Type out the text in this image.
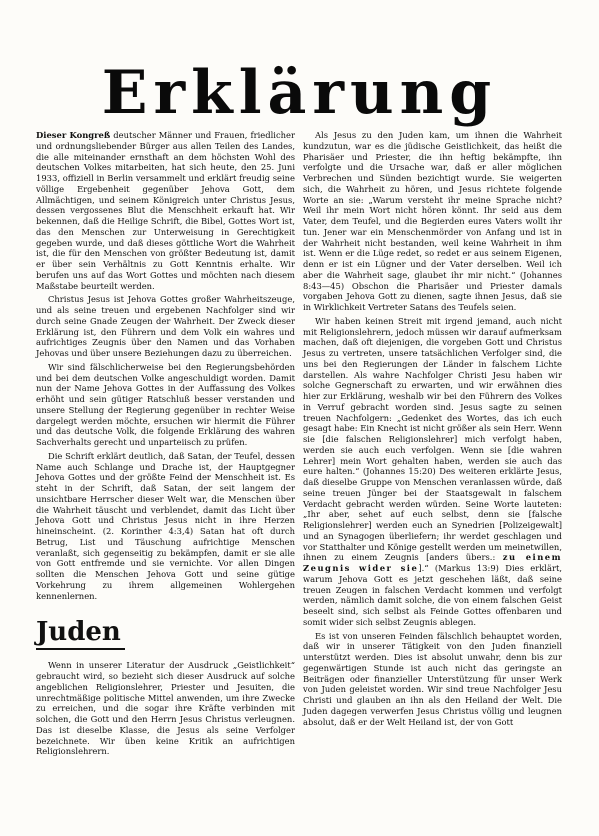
Erklärung

Dieser Kongreß deutscher Männer und Frauen, friedlicher und ordnungsliebender Bürger aus allen Teilen des Landes, die alle miteinander ernsthaft an dem höchsten Wohl des deutschen Volkes mitarbeiten, hat sich heute, den 25. Juni 1933, offiziell in Berlin versammelt und erklärt freudig seine völlige Ergebenheit gegenüber Jehova Gott, dem Allmächtigen, und seinem Königreich unter Christus Jesus, dessen vergossenes Blut die Menschheit erkauft hat. Wir bekennen, daß die Heilige Schrift, die Bibel, Gottes Wort ist, das den Menschen zur Unterweisung in Gerechtigkeit gegeben wurde, und daß dieses göttliche Wort die Wahrheit ist, die für den Menschen von größter Bedeutung ist, damit er über sein Verhältnis zu Gott Kenntnis erhalte. Wir berufen uns auf das Wort Gottes und möchten nach diesem Maßstabe beurteilt werden.

Christus Jesus ist Jehova Gottes großer Wahrheitszeuge, und als seine treuen und ergebenen Nachfolger sind wir durch seine Gnade Zeugen der Wahrheit. Der Zweck dieser Erklärung ist, den Führern und dem Volk ein wahres und aufrichtiges Zeugnis über den Namen und das Vorhaben Jehovas und über unsere Beziehungen dazu zu überreichen.

Wir sind fälschlicherweise bei den Regierungsbehörden und bei dem deutschen Volke angeschuldigt worden. Damit nun der Name Jehova Gottes in der Auffassung des Volkes erhöht und sein gütiger Ratschluß besser verstanden und unsere Stellung der Regierung gegenüber in rechter Weise dargelegt werden möchte, ersuchen wir hiermit die Führer und das deutsche Volk, die folgende Erklärung des wahren Sachverhalts gerecht und unparteiisch zu prüfen.

Die Schrift erklärt deutlich, daß Satan, der Teufel, dessen Name auch Schlange und Drache ist, der Hauptgegner Jehova Gottes und der größte Feind der Menschheit ist. Es steht in der Schrift, daß Satan, der seit langem der unsichtbare Herrscher dieser Welt war, die Menschen über die Wahrheit täuscht und verblendet, damit das Licht über Jehova Gott und Christus Jesus nicht in ihre Herzen hineinscheint. (2. Korinther 4:3,4) Satan hat oft durch Betrug, List und Täuschung aufrichtige Menschen veranlaßt, sich gegenseitig zu bekämpfen, damit er sie alle von Gott entfremde und sie vernichte. Vor allen Dingen sollten die Menschen Jehova Gott und seine gütige Vorkehrung zu ihrem allgemeinen Wohlergehen kennenlernen.

Juden

Wenn in unserer Literatur der Ausdruck „Geistlichkeit“ gebraucht wird, so bezieht sich dieser Ausdruck auf solche angeblichen Religionslehrer, Priester und Jesuiten, die unrechtmäßige politische Mittel anwenden, um ihre Zwecke zu erreichen, und die sogar ihre Kräfte verbinden mit solchen, die Gott und den Herrn Jesus Christus verleugnen. Das ist dieselbe Klasse, die Jesus als seine Verfolger bezeichnete. Wir üben keine Kritik an aufrichtigen Religionslehrern.

Als Jesus zu den Juden kam, um ihnen die Wahrheit kundzutun, war es die jüdische Geistlichkeit, das heißt die Pharisäer und Priester, die ihn heftig bekämpfte, ihn verfolgte und die Ursache war, daß er aller möglichen Verbrechen und Sünden bezichtigt wurde. Sie weigerten sich, die Wahrheit zu hören, und Jesus richtete folgende Worte an sie: „Warum versteht ihr meine Sprache nicht? Weil ihr mein Wort nicht hören könnt. Ihr seid aus dem Vater, dem Teufel, und die Begierden eures Vaters wollt ihr tun. Jener war ein Menschenmörder von Anfang und ist in der Wahrheit nicht bestanden, weil keine Wahrheit in ihm ist. Wenn er die Lüge redet, so redet er aus seinem Eigenen, denn er ist ein Lügner und der Vater derselben. Weil ich aber die Wahrheit sage, glaubet ihr mir nicht.“ (Johannes 8:43—45) Obschon die Pharisäer und Priester damals vorgaben Jehova Gott zu dienen, sagte ihnen Jesus, daß sie in Wirklichkeit Vertreter Satans des Teufels seien.

Wir haben keinen Streit mit irgend jemand, auch nicht mit Religionslehrern, jedoch müssen wir darauf aufmerksam machen, daß oft diejenigen, die vorgeben Gott und Christus Jesus zu vertreten, unsere tatsächlichen Verfolger sind, die uns bei den Regierungen der Länder in falschem Lichte darstellen. Als wahre Nachfolger Christi Jesu haben wir solche Gegnerschaft zu erwarten, und wir erwähnen dies hier zur Erklärung, weshalb wir bei den Führern des Volkes in Verruf gebracht worden sind. Jesus sagte zu seinen treuen Nachfolgern: „Gedenket des Wortes, das ich euch gesagt habe: Ein Knecht ist nicht größer als sein Herr. Wenn sie [die falschen Religionslehrer] mich verfolgt haben, werden sie auch euch verfolgen. Wenn sie [die wahren Lehrer] mein Wort gehalten haben, werden sie auch das eure halten.“ (Johannes 15:20) Des weiteren erklärte Jesus, daß dieselbe Gruppe von Menschen veranlassen würde, daß seine treuen Jünger bei der Staatsgewalt in falschem Verdacht gebracht werden würden. Seine Worte lauteten: „Ihr aber, sehet auf euch selbst, denn sie [falsche Religionslehrer] werden euch an Synedrien [Polizeigewalt] und an Synagogen überliefern; ihr werdet geschlagen und vor Statthalter und Könige gestellt werden um meinetwillen, ihnen zu einem Zeugnis [anders übers.: zu einem Zeugnis wider sie].“ (Markus 13:9) Dies erklärt, warum Jehova Gott es jetzt geschehen läßt, daß seine treuen Zeugen in falschen Verdacht kommen und verfolgt werden, nämlich damit solche, die von einem falschen Geist beseelt sind, sich selbst als Feinde Gottes offenbaren und somit wider sich selbst Zeugnis ablegen.

Es ist von unseren Feinden fälschlich behauptet worden, daß wir in unserer Tätigkeit von den Juden finanziell unterstützt werden. Dies ist absolut unwahr, denn bis zur gegenwärtigen Stunde ist auch nicht das geringste an Beiträgen oder finanzieller Unterstützung für unser Werk von Juden geleistet worden. Wir sind treue Nachfolger Jesu Christi und glauben an ihn als den Heiland der Welt. Die Juden dagegen verwerfen Jesus Christus völlig und leugnen absolut, daß er der Welt Heiland ist, der von Gott
